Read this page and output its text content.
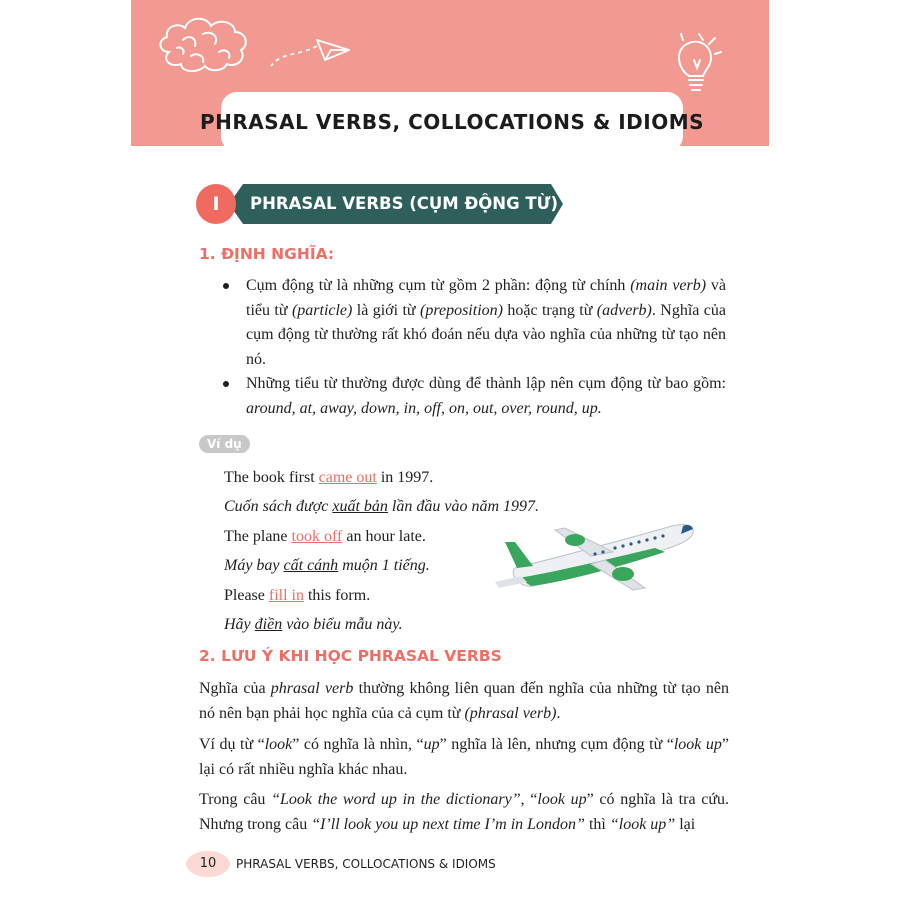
PHRASAL VERBS, COLLOCATIONS & IDIOMS
I	PHRASAL VERBS (CỤM ĐỘNG TỪ)
1. ĐỊNH NGHĨA:
Cụm động từ là những cụm từ gồm 2 phần: động từ chính (main verb) và tiểu từ (particle) là giới từ (preposition) hoặc trạng từ (adverb). Nghĩa của cụm động từ thường rất khó đoán nếu dựa vào nghĩa của những từ tạo nên nó.
Những tiểu từ thường được dùng để thành lập nên cụm động từ bao gồm: around, at, away, down, in, off, on, out, over, round, up.
Ví dụ
The book first came out in 1997.
Cuốn sách được xuất bản lần đầu vào năm 1997.
The plane took off an hour late.
Máy bay cất cánh muộn 1 tiếng.
Please fill in this form.
Hãy điền vào biểu mẫu này.
2. LƯU Ý KHI HỌC PHRASAL VERBS
Nghĩa của phrasal verb thường không liên quan đến nghĩa của những từ tạo nên nó nên bạn phải học nghĩa của cả cụm từ (phrasal verb).
Ví dụ từ “look” có nghĩa là nhìn, “up” nghĩa là lên, nhưng cụm động từ “look up” lại có rất nhiều nghĩa khác nhau.
Trong câu “Look the word up in the dictionary”, “look up” có nghĩa là tra cứu. Nhưng trong câu “I’ll look you up next time I’m in London” thì “look up” lại
10	PHRASAL VERBS, COLLOCATIONS & IDIOMS
